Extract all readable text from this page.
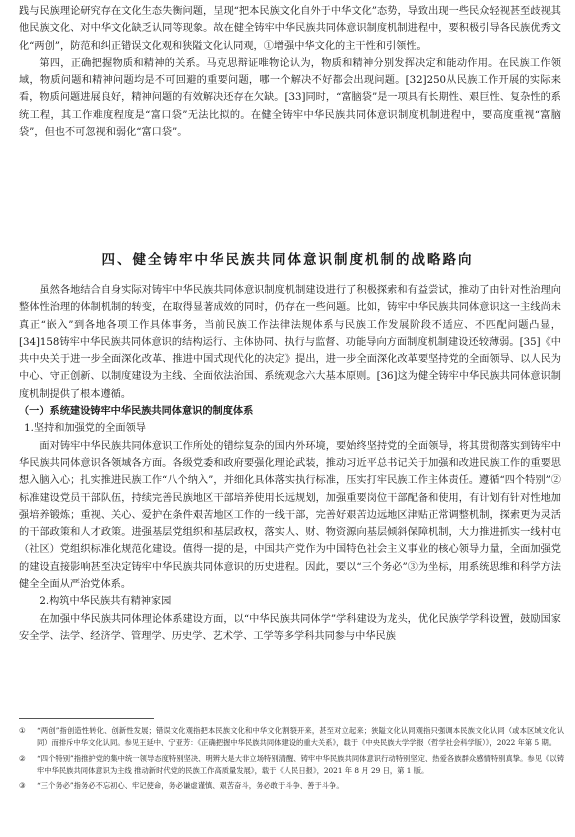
践与民族理论研究存在文化生态失衡问题，呈现“把本民族文化自外于中华文化”态势，导致出现一些民众轻视甚至歧视其他民族文化、对中华文化缺乏认同等现象。故在健全铸牢中华民族共同体意识制度机制进程中，要积极引导各民族优秀文化“两创”，防范和纠正错误文化观和狭隘文化认同观，①增强中华文化的主干性和引领性。

第四，正确把握物质和精神的关系。马克思辩证唯物论认为，物质和精神分别发挥决定和能动作用。在民族工作领域，物质问题和精神问题均是不可回避的重要问题，哪一个解决不好都会出现问题。[32]250从民族工作开展的实际来看，物质问题进展良好，精神问题的有效解决还存在欠缺。[33]同时，“富脑袋”是一项具有长期性、艰巨性、复杂性的系统工程，其工作难度程度是“富口袋”无法比拟的。在健全铸牢中华民族共同体意识制度机制进程中，要高度重视“富脑袋”，但也不可忽视和弱化“富口袋”。

四、健全铸牢中华民族共同体意识制度机制的战略路向

虽然各地结合自身实际对铸牢中华民族共同体意识制度机制建设进行了积极探索和有益尝试，推动了由针对性治理向整体性治理的体制机制的转变，在取得显著成效的同时，仍存在一些问题。比如，铸牢中华民族共同体意识这一主线尚未真正“嵌入”到各地各项工作具体事务，当前民族工作法律法规体系与民族工作发展阶段不适应、不匹配问题凸显，[34]158铸牢中华民族共同体意识的结构运行、主体协同、执行与监督、功能导向方面制度机制建设还较薄弱。[35]《中共中央关于进一步全面深化改革、推进中国式现代化的决定》提出，进一步全面深化改革要坚持党的全面领导、以人民为中心、守正创新、以制度建设为主线、全面依法治国、系统观念六大基本原则。[36]这为健全铸牢中华民族共同体意识制度机制提供了根本遵循。

（一）系统建设铸牢中华民族共同体意识的制度体系

1.坚持和加强党的全面领导

面对铸牢中华民族共同体意识工作所处的错综复杂的国内外环境，要始终坚持党的全面领导，将其贯彻落实到铸牢中华民族共同体意识各领域各方面。各级党委和政府要强化理论武装，推动习近平总书记关于加强和改进民族工作的重要思想入脑入心；扎实推进民族工作“八个纳入”，并细化具体落实执行标准，压实打牢民族工作主体责任。遵循“四个特别”②标准建设党员干部队伍，持续完善民族地区干部培养使用长远规划，加强重要岗位干部配备和使用，有计划有针对性地加强培养锻炼；重视、关心、爱护在条件艰苦地区工作的一线干部，完善好艰苦边远地区津贴正常调整机制，探索更为灵活的干部政策和人才政策。进强基层党组织和基层政权，落实人、财、物资源向基层倾斜保障机制，大力推进抓实一线村屯（社区）党组织标准化规范化建设。值得一提的是，中国共产党作为中国特色社会主义事业的核心领导力量，全面加强党的建设直接影响甚至决定铸牢中华民族共同体意识的历史进程。因此，要以“三个务必”③为坐标，用系统思维和科学方法健全全面从严治党体系。

2.构筑中华民族共有精神家园

在加强中华民族共同体理论体系建设方面，以“中华民族共同体学”学科建设为龙头，优化民族学学科设置，鼓励国家安全学、法学、经济学、管理学、历史学、艺术学、工学等多学科共同参与中华民族

① “两创”指创造性转化、创新性发展；错误文化观指把本民族文化和中华文化割裂开来，甚至对立起来；狭隘文化认同观指只强调本民族文化认同（或本区域文化认同）而排斥中华文化认同。参见王延中、宁亚芳：《正确把握中华民族共同体建设的重大关系》，载于《中央民族大学学报（哲学社会科学版）》，2022 年第 5 期。

② “四个特别”指推护党的集中统一领导态度特别坚决、明辨大是大非立场特别清醒、铸牢中华民族共同体意识行动特别坚定、热爱各族群众感情特别真挚。参见《以铸牢中华民族共同体意识为主线 推动新时代党的民族工作高质量发展》，载于《人民日报》，2021 年 8 月 29 日，第 1 版。

③ “三个务必”指务必不忘初心、牢记使命，务必谦虚谨慎、艰苦奋斗，务必敢于斗争、善于斗争。
